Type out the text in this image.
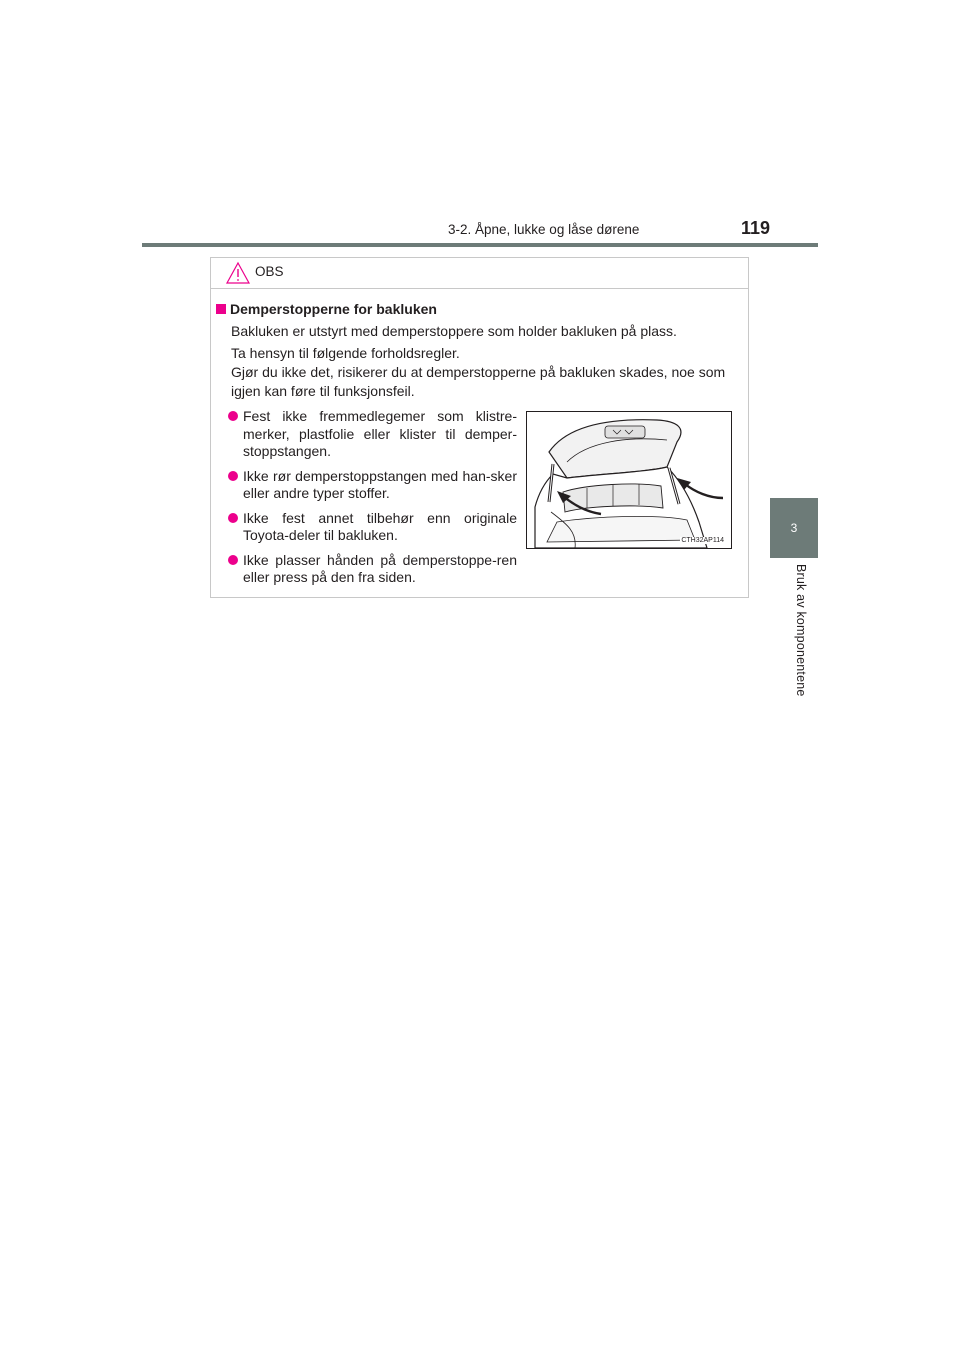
3-2. Åpne, lukke og låse dørene	119
3
Bruk av komponentene
OBS
Demperstopperne for bakluken
Bakluken er utstyrt med demperstoppere som holder bakluken på plass.
Ta hensyn til følgende forholdsregler.
Gjør du ikke det, risikerer du at demperstopperne på bakluken skades, noe som igjen kan føre til funksjonsfeil.
Fest ikke fremmedlegemer som klistre-merker, plastfolie eller klister til demper-stoppstangen.
Ikke rør demperstoppstangen med han-sker eller andre typer stoffer.
Ikke fest annet tilbehør enn originale Toyota-deler til bakluken.
Ikke plasser hånden på demperstoppe-ren eller press på den fra siden.
CTH32AP114
